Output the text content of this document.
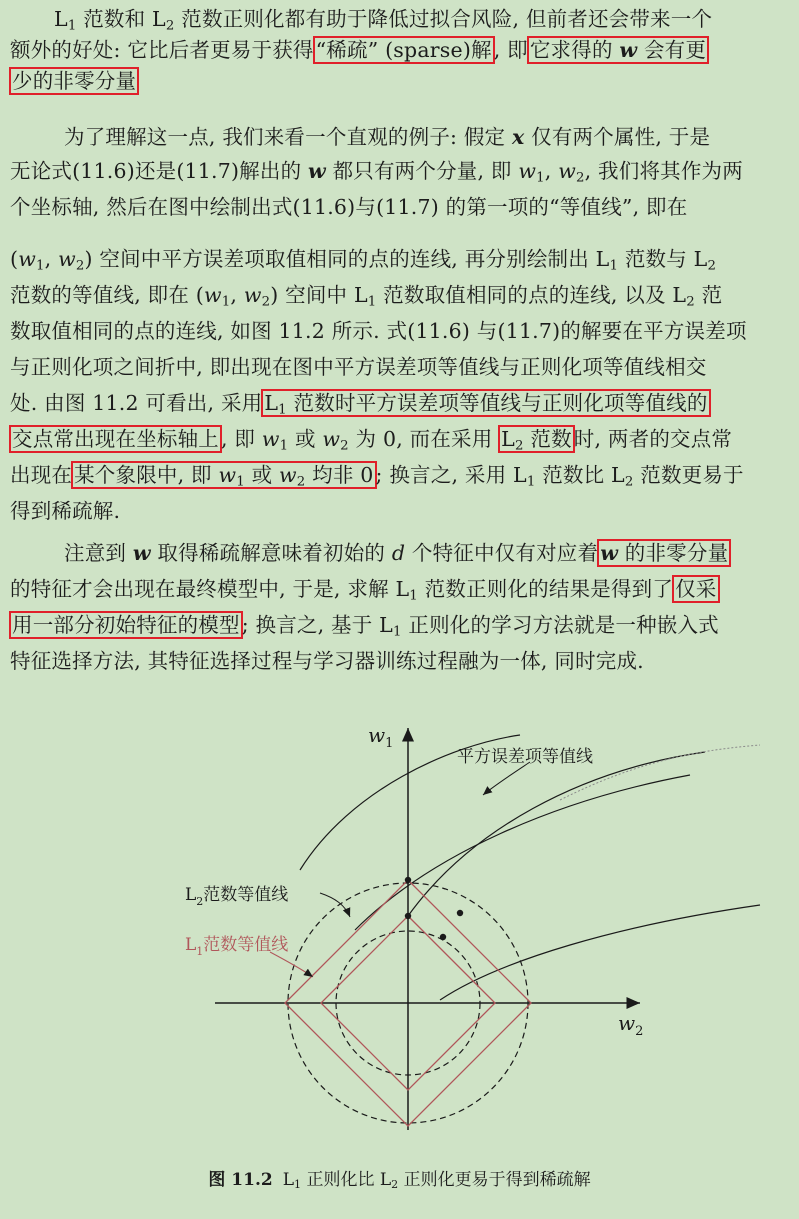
$L_1$ 范数和 $L_2$ 范数正则化都有助于降低过拟合风险, 但前者还会带来一个
额外的好处: 它比后者更易于获得“稀疏” (sparse)解, 即它求得的 w 会有更
少的非零分量
为了理解这一点, 我们来看一个直观的例子: 假定 x 仅有两个属性, 于是
无论式(11.6)还是(11.7)解出的 w 都只有两个分量, 即 $w_1$, $w_2$, 我们将其作为两
个坐标轴, 然后在图中绘制出式(11.6)与(11.7) 的第一项的“等值线”, 即在
($w_1$, $w_2$) 空间中平方误差项取值相同的点的连线, 再分别绘制出 $L_1$ 范数与 $L_2$
范数的等值线, 即在 ($w_1$, $w_2$) 空间中 $L_1$ 范数取值相同的点的连线, 以及 $L_2$ 范
数取值相同的点的连线, 如图 11.2 所示. 式(11.6) 与(11.7)的解要在平方误差项
与正则化项之间折中, 即出现在图中平方误差项等值线与正则化项等值线相交
处. 由图 11.2 可看出, 采用$L_1$ 范数时平方误差项等值线与正则化项等值线的
交点常出现在坐标轴上, 即 $w_1$ 或 $w_2$ 为 0, 而在采用 $L_2$ 范数时, 两者的交点常
出现在某个象限中, 即 $w_1$ 或 $w_2$ 均非 0; 换言之, 采用 $L_1$ 范数比 $L_2$ 范数更易于
得到稀疏解.
注意到 w 取得稀疏解意味着初始的 d 个特征中仅有对应着w 的非零分量
的特征才会出现在最终模型中, 于是, 求解 $L_1$ 范数正则化的结果是得到了仅采
用一部分初始特征的模型; 换言之, 基于 $L_1$ 正则化的学习方法就是一种嵌入式
特征选择方法, 其特征选择过程与学习器训练过程融为一体, 同时完成.
$w_1$
$w_2$
平方误差项等值线
$L_2$范数等值线
$L_1$范数等值线
图 11.2 $L_1$ 正则化比 $L_2$ 正则化更易于得到稀疏解
